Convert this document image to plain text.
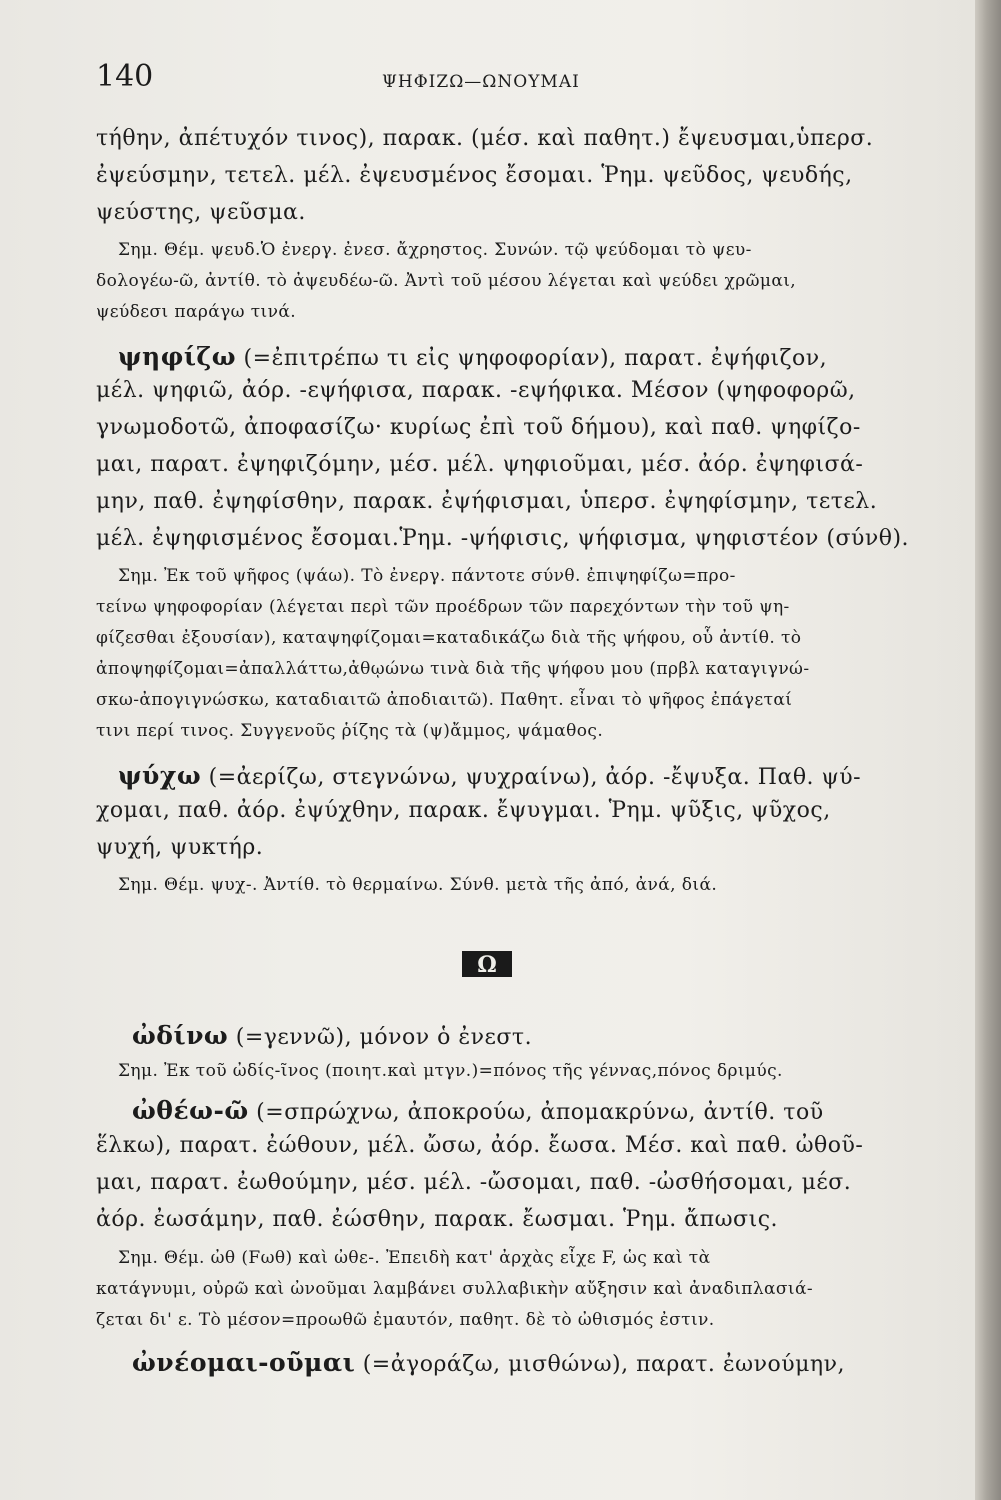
140	ΨΗΦΙΖΩ—ΩΝΟΥΜΑΙ
τήθην, ἀπέτυχόν τινος), παρακ. (μέσ. καὶ παθητ.) ἔψευσμαι,ὑπερσ.
ἐψεύσμην, τετελ. μέλ. ἐψευσμένος ἔσομαι. Ῥημ. ψεῦδος, ψευδής,
ψεύστης, ψεῦσμα.
Σημ. Θέμ. ψευδ.Ὁ ἐνεργ. ἐνεσ. ἄχρηστος. Συνών. τῷ ψεύδομαι τὸ ψευ-
δολογέω-ῶ, ἀντίθ. τὸ ἀψευδέω-ῶ. Ἀντὶ τοῦ μέσου λέγεται καὶ ψεύδει χρῶμαι,
ψεύδεσι παράγω τινά.
ψηφίζω (=ἐπιτρέπω τι εἰς ψηφοφορίαν), παρατ. ἐψήφιζον,
μέλ. ψηφιῶ, ἀόρ. -εψήφισα, παρακ. -εψήφικα. Μέσον (ψηφοφορῶ,
γνωμοδοτῶ, ἀποφασίζω· κυρίως ἐπὶ τοῦ δήμου), καὶ παθ. ψηφίζο-
μαι, παρατ. ἐψηφιζόμην, μέσ. μέλ. ψηφιοῦμαι, μέσ. ἀόρ. ἐψηφισά-
μην, παθ. ἐψηφίσθην, παρακ. ἐψήφισμαι, ὑπερσ. ἐψηφίσμην, τετελ.
μέλ. ἐψηφισμένος ἔσομαι.Ῥημ. -ψήφισις, ψήφισμα, ψηφιστέον (σύνθ).
Σημ. Ἐκ τοῦ ψῆφος (ψάω). Τὸ ἐνεργ. πάντοτε σύνθ. ἐπιψηφίζω=προ-
τείνω ψηφοφορίαν (λέγεται περὶ τῶν προέδρων τῶν παρεχόντων τὴν τοῦ ψη-
φίζεσθαι ἐξουσίαν), καταψηφίζομαι=καταδικάζω διὰ τῆς ψήφου, οὗ ἀντίθ. τὸ
ἀποψηφίζομαι=ἀπαλλάττω,ἀθῳώνω τινὰ διὰ τῆς ψήφου μου (πρβλ καταγιγνώ-
σκω-ἀπογιγνώσκω, καταδιαιτῶ ἀποδιαιτῶ). Παθητ. εἶναι τὸ ψῆφος ἐπάγεταί
τινι περί τινος. Συγγενοῦς ῥίζης τὰ (ψ)ἄμμος, ψάμαθος.
ψύχω (=ἀερίζω, στεγνώνω, ψυχραίνω), ἀόρ. -ἔψυξα. Παθ. ψύ-
χομαι, παθ. ἀόρ. ἐψύχθην, παρακ. ἔψυγμαι. Ῥημ. ψῦξις, ψῦχος,
ψυχή, ψυκτήρ.
Σημ. Θέμ. ψυχ-. Ἀντίθ. τὸ θερμαίνω. Σύνθ. μετὰ τῆς ἀπό, ἀνά, διά.
Ω
ὠδίνω (=γεννῶ), μόνον ὁ ἐνεστ.
Σημ. Ἐκ τοῦ ὠδίς-ῖνος (ποιητ.καὶ μτγν.)=πόνος τῆς γέννας,πόνος δριμύς.
ὠθέω-ῶ (=σπρώχνω, ἀποκρούω, ἀπομακρύνω, ἀντίθ. τοῦ
ἕλκω), παρατ. ἐώθουν, μέλ. ὤσω, ἀόρ. ἔωσα. Μέσ. καὶ παθ. ὠθοῦ-
μαι, παρατ. ἐωθούμην, μέσ. μέλ. -ὤσομαι, παθ. -ὠσθήσομαι, μέσ.
ἀόρ. ἐωσάμην, παθ. ἐώσθην, παρακ. ἔωσμαι. Ῥημ. ἄπωσις.
Σημ. Θέμ. ὠθ (Fωθ) καὶ ὠθε-. Ἐπειδὴ κατ' ἀρχὰς εἶχε F, ὡς καὶ τὰ
κατάγνυμι, οὐρῶ καὶ ὠνοῦμαι λαμβάνει συλλαβικὴν αὔξησιν καὶ ἀναδιπλασιά-
ζεται δι' ε. Τὸ μέσον=προωθῶ ἐμαυτόν, παθητ. δὲ τὸ ὠθισμός ἐστιν.
ὠνέομαι-οῦμαι (=ἀγοράζω, μισθώνω), παρατ. ἐωνούμην,
